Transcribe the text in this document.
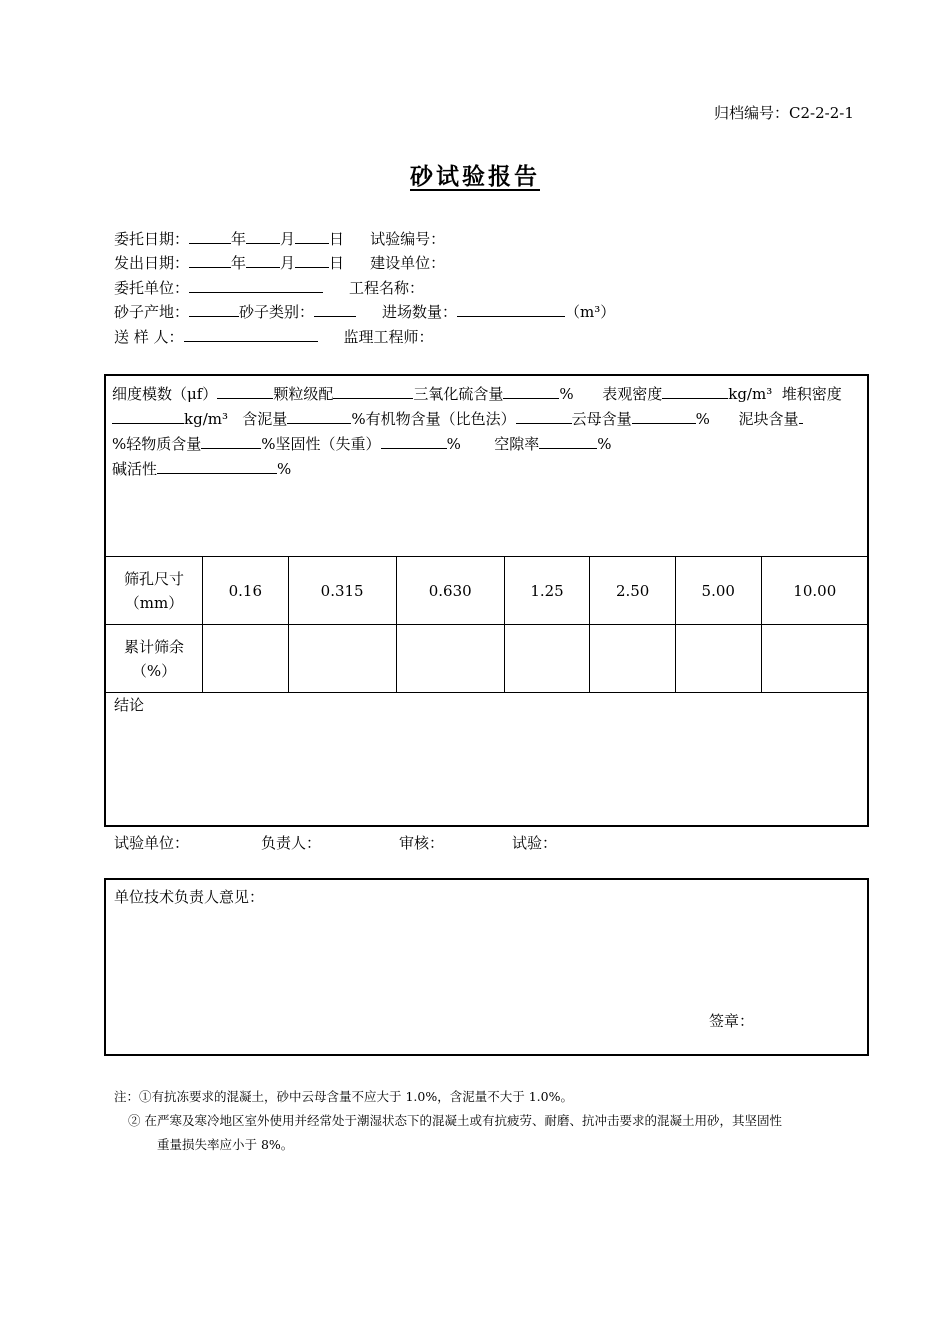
归档编号：C2-2-2-1
砂试验报告
委托日期：	年 月 日 试验编号：
发出日期：	年 月 日 建设单位：
委托单位：	工程名称：
砂子产地：	砂子类别：	进场数量：	（m³）
送 样 人：	监理工程师：
细度模数（μf）	颗粒级配	三氧化硫含量	% 表观密度	kg/m³ 堆积密度kg/m³ 含泥量	%有机物含量（比色法）	云母含量	% 泥块含量
%轻物质含量	%坚固性（失重）	% 空隙率	%
碱活性	%
筛孔尺寸
（mm）	0.16	0.315	0.630	1.25	2.50	5.00	10.00
累计筛余
（%）							
结论
试验单位：	负责人：	审核：	试验：
单位技术负责人意见：
签章：
注：①有抗冻要求的混凝土，砂中云母含量不应大于 1.0%，含泥量不大于 1.0%。
② 在严寒及寒冷地区室外使用并经常处于潮湿状态下的混凝土或有抗疲劳、耐磨、抗冲击要求的混凝土用砂，其坚固性
重量损失率应小于 8%。
